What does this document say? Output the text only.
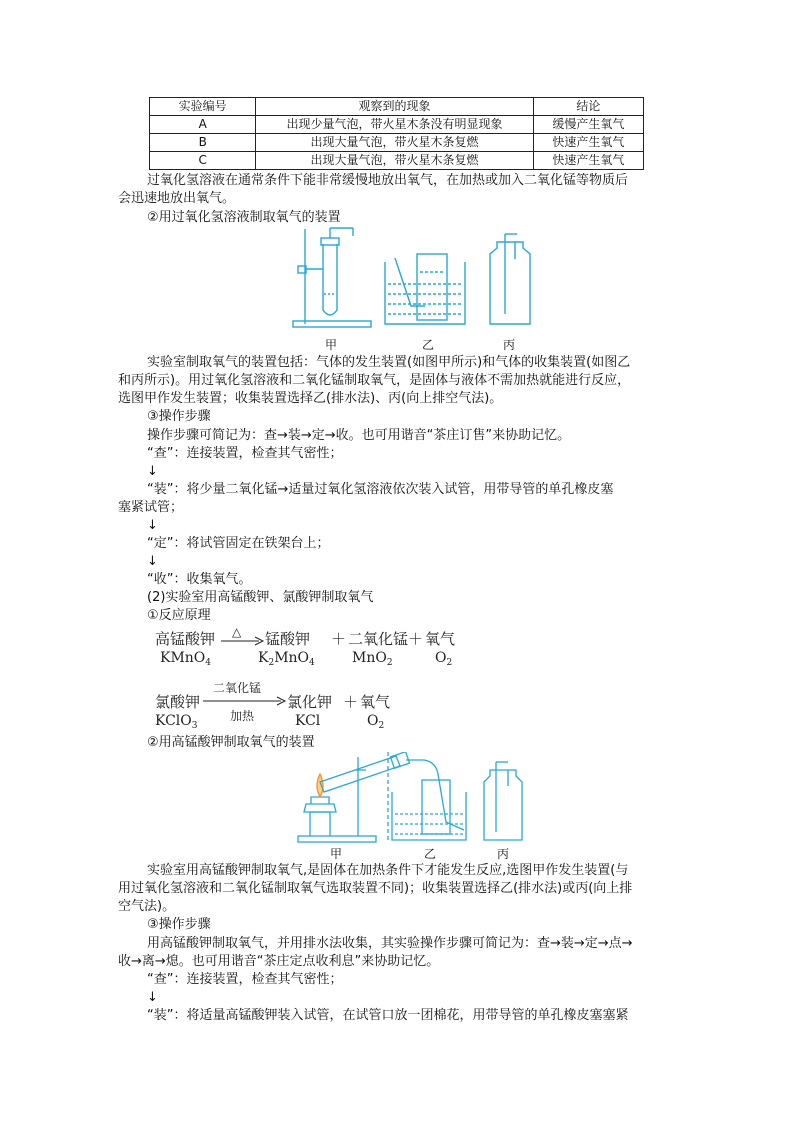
实验编号	观察到的现象	结论
A	出现少量气泡，带火星木条没有明显现象	缓慢产生氧气
B	出现大量气泡，带火星木条复燃	快速产生氧气
C	出现大量气泡，带火星木条复燃	快速产生氧气
过氧化氢溶液在通常条件下能非常缓慢地放出氧气，在加热或加入二氧化锰等物质后
会迅速地放出氧气。
②用过氧化氢溶液制取氧气的装置
甲	乙	丙
实验室制取氧气的装置包括：气体的发生装置(如图甲所示)和气体的收集装置(如图乙
和丙所示)。用过氧化氢溶液和二氧化锰制取氧气，是固体与液体不需加热就能进行反应，
选图甲作发生装置；收集装置选择乙(排水法)、丙(向上排空气法)。
③操作步骤
操作步骤可简记为：查→装→定→收。也可用谐音“茶庄订售”来协助记忆。
“查”：连接装置，检查其气密性；
↓
“装”：将少量二氧化锰→适量过氧化氢溶液依次装入试管，用带导管的单孔橡皮塞
塞紧试管；
↓
“定”：将试管固定在铁架台上；
↓
“收”：收集氧气。
(2)实验室用高锰酸钾、氯酸钾制取氧气
①反应原理
高锰酸钾
KMnO$_4$
△ → 锰酸钾
$K_2MnO_4$
＋ 二氧化锰
MnO$_2$
＋ 氧气
$O_2$
氯酸钾
KClO$_3$
二氧化锰
加热
氯化钾
KCl
＋ 氧气
$O_2$
②用高锰酸钾制取氧气的装置
甲	乙	丙
实验室用高锰酸钾制取氧气,是固体在加热条件下才能发生反应,选图甲作发生装置(与
用过氧化氢溶液和二氧化锰制取氧气选取装置不同)；收集装置选择乙(排水法)或丙(向上排
空气法)。
③操作步骤
用高锰酸钾制取氧气，并用排水法收集，其实验操作步骤可简记为：查→装→定→点→
收→离→熄。也可用谐音“茶庄定点收利息”来协助记忆。
“查”：连接装置，检查其气密性；
↓
“装”：将适量高锰酸钾装入试管，在试管口放一团棉花，用带导管的单孔橡皮塞塞紧
